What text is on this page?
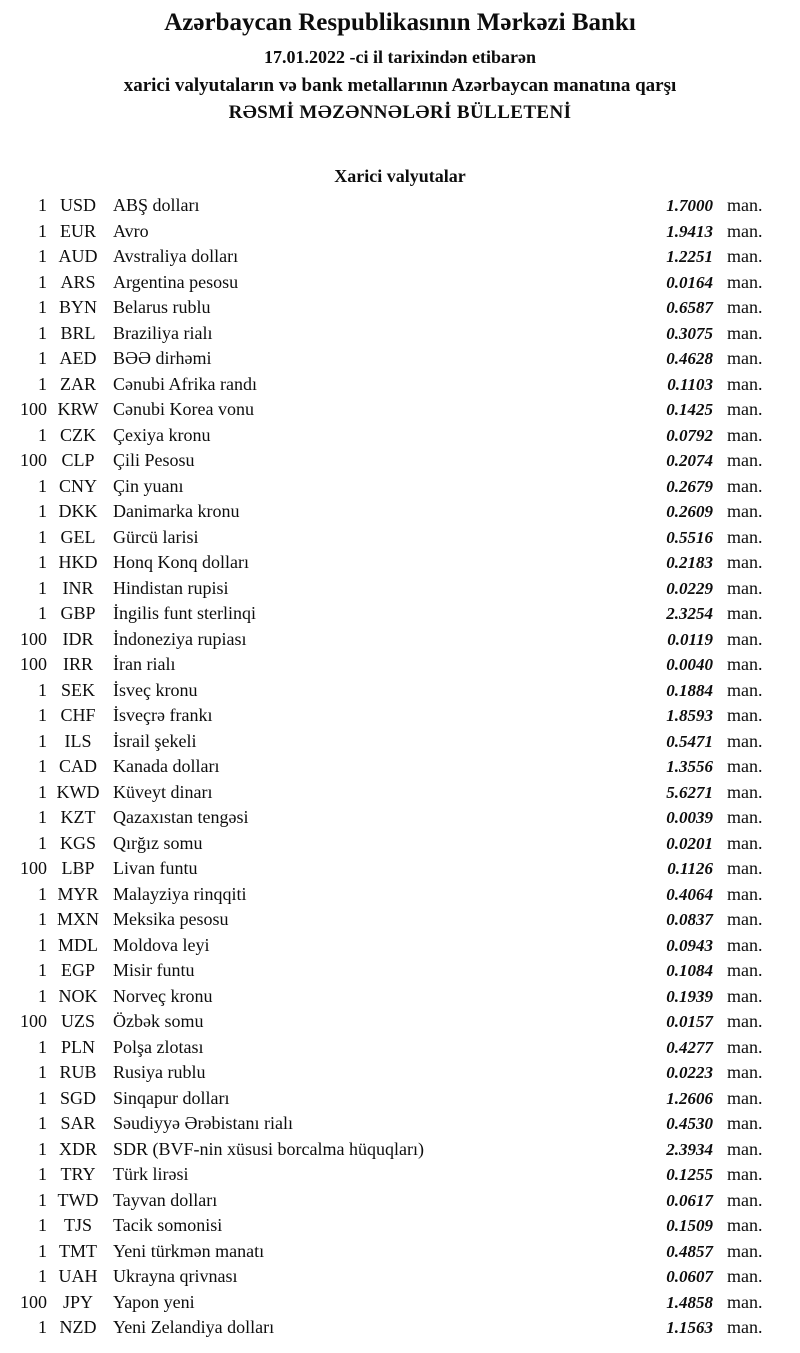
Azərbaycan Respublikasının Mərkəzi Bankı
17.01.2022 -ci il tarixindən etibarən
xarici valyutaların və bank metallarının Azərbaycan manatına qarşı
RƏSMİ MƏZƏNNƏLƏRİ BÜLLETENİ
Xarici valyutalar
1 USD ABŞ dolları	1.7000 man.
1 EUR Avro	1.9413 man.
1 AUD Avstraliya dolları	1.2251 man.
1 ARS Argentina pesosu	0.0164 man.
1 BYN Belarus rublu	0.6587 man.
1 BRL Braziliya rialı	0.3075 man.
1 AED BƏƏ dirhəmi	0.4628 man.
1 ZAR Cənubi Afrika randı	0.1103 man.
100 KRW Cənubi Korea vonu	0.1425 man.
1 CZK Çexiya kronu	0.0792 man.
100 CLP	Çili Pesosu	0.2074 man.
1 CNY Çin yuanı	0.2679 man.
1 DKK Danimarka kronu	0.2609 man.
1 GEL Gürcü larisi	0.5516 man.
1 HKD Honq Konq dolları	0.2183 man.
1 INR	Hindistan rupisi	0.0229 man.
1 GBP İngilis funt sterlinqi	2.3254 man.
100 IDR	İndoneziya rupiası	0.0119 man.
100 IRR	İran rialı	0.0040 man.
1 SEK	İsveç kronu	0.1884 man.
1 CHF İsveçrə frankı	1.8593 man.
1 ILS	İsrail şekeli	0.5471 man.
1 CAD Kanada dolları	1.3556 man.
1 KWD Küveyt dinarı	5.6271 man.
1 KZT Qazaxıstan tengəsi	0.0039 man.
1 KGS Qırğız somu	0.0201 man.
100 LBP	Livan funtu	0.1126 man.
1 MYR Malayziya rinqqiti	0.4064 man.
1 MXN Meksika pesosu	0.0837 man.
1 MDL Moldova leyi	0.0943 man.
1 EGP	Misir funtu	0.1084 man.
1 NOK Norveç kronu	0.1939 man.
100 UZS	Özbək somu	0.0157 man.
1 PLN	Polşa zlotası	0.4277 man.
1 RUB Rusiya rublu	0.0223 man.
1 SGD Sinqapur dolları	1.2606 man.
1 SAR Səudiyyə Ərəbistanı rialı	0.4530 man.
1 XDR SDR (BVF-nin xüsusi borcalma hüquqları)	2.3934 man.
1 TRY Türk lirəsi	0.1255 man.
1 TWD Tayvan dolları	0.0617 man.
1 TJS	Tacik somonisi	0.1509 man.
1 TMT Yeni türkmən manatı	0.4857 man.
1 UAH Ukrayna qrivnası	0.0607 man.
100 JPY	Yapon yeni	1.4858 man.
1 NZD Yeni Zelandiya dolları	1.1563 man.
